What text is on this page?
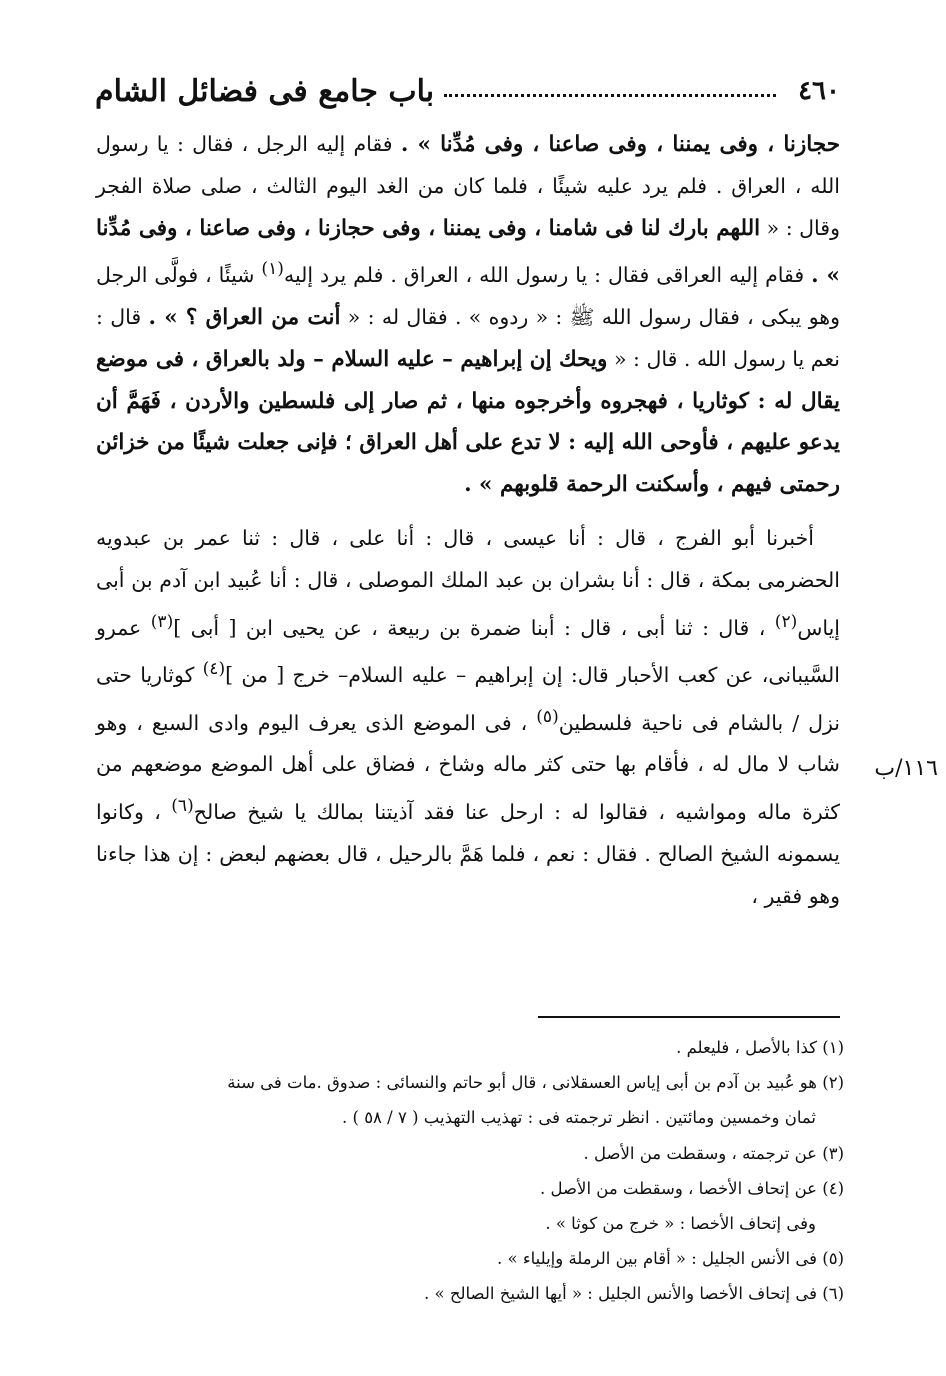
٤٦٠
باب جامع فى فضائل الشام

حجازنا ، وفى يمننا ، وفى صاعنا ، وفى مُدِّنا » . فقام إليه الرجل ، فقال : يا رسول الله ، العراق . فلم يرد عليه شيئًا ، فلما كان من الغد اليوم الثالث ، صلى صلاة الفجر وقال : « اللهم بارك لنا فى شامنا ، وفى يمننا ، وفى حجازنا ، وفى صاعنا ، وفى مُدِّنا » . فقام إليه العراقى فقال : يا رسول الله ، العراق . فلم يرد إليه$^{(١)}$ شيئًا ، فولَّى الرجل وهو يبكى ، فقال رسول الله ﷺ : « ردوه » . فقال له : « أنت من العراق ؟ » . قال : نعم يا رسول الله . قال : « ويحك إن إبراهيم – عليه السلام – ولد بالعراق ، فى موضع يقال له : كوثاريا ، فهجروه وأخرجوه منها ، ثم صار إلى فلسطين والأردن ، فَهَمَّ أن يدعو عليهم ، فأوحى الله إليه : لا تدع على أهل العراق ؛ فإنى جعلت شيئًا من خزائن رحمتى فيهم ، وأسكنت الرحمة قلوبهم » .

أخبرنا أبو الفرج ، قال : أنا عيسى ، قال : أنا على ، قال : ثنا عمر بن عبدويه الحضرمى بمكة ، قال : أنا بشران بن عبد الملك الموصلى ، قال : أنا عُبيد ابن آدم بن أبى إياس$^{(٢)}$ ، قال : ثنا أبى ، قال : أبنا ضمرة بن ربيعة ، عن يحيى ابن [ أبى ]$^{(٣)}$ عمرو السَّيبانى، عن كعب الأحبار قال: إن إبراهيم – عليه السلام– خرج [ من ]$^{(٤)}$ كوثاريا حتى نزل / بالشام فى ناحية فلسطين$^{(٥)}$ ، فى الموضع الذى يعرف اليوم وادى السبع ، وهو شاب لا مال له ، فأقام بها حتى كثر ماله وشاخ ، فضاق على أهل الموضع موضعهم من كثرة ماله ومواشيه ، فقالوا له : ارحل عنا فقد آذيتنا بمالك يا شيخ صالح$^{(٦)}$ ، وكانوا يسمونه الشيخ الصالح . فقال : نعم ، فلما هَمَّ بالرحيل ، قال بعضهم لبعض : إن هذا جاءنا وهو فقير ،

١١٦/ب

(١) كذا بالأصل ، فليعلم .

(٢) هو عُبيد بن آدم بن أبى إياس العسقلانى ، قال أبو حاتم والنسائى : صدوق .مات فى سنة

ثمان وخمسين ومائتين . انظر ترجمته فى : تهذيب التهذيب ( ٧ / ٥٨ ) .

(٣) عن ترجمته ، وسقطت من الأصل .

(٤) عن إتحاف الأخصا ، وسقطت من الأصل .

وفى إتحاف الأخصا : « خرج من كوثا » .

(٥) فى الأنس الجليل : « أقام بين الرملة وإيلياء » .

(٦) فى إتحاف الأخصا والأنس الجليل : « أيها الشيخ الصالح » .
